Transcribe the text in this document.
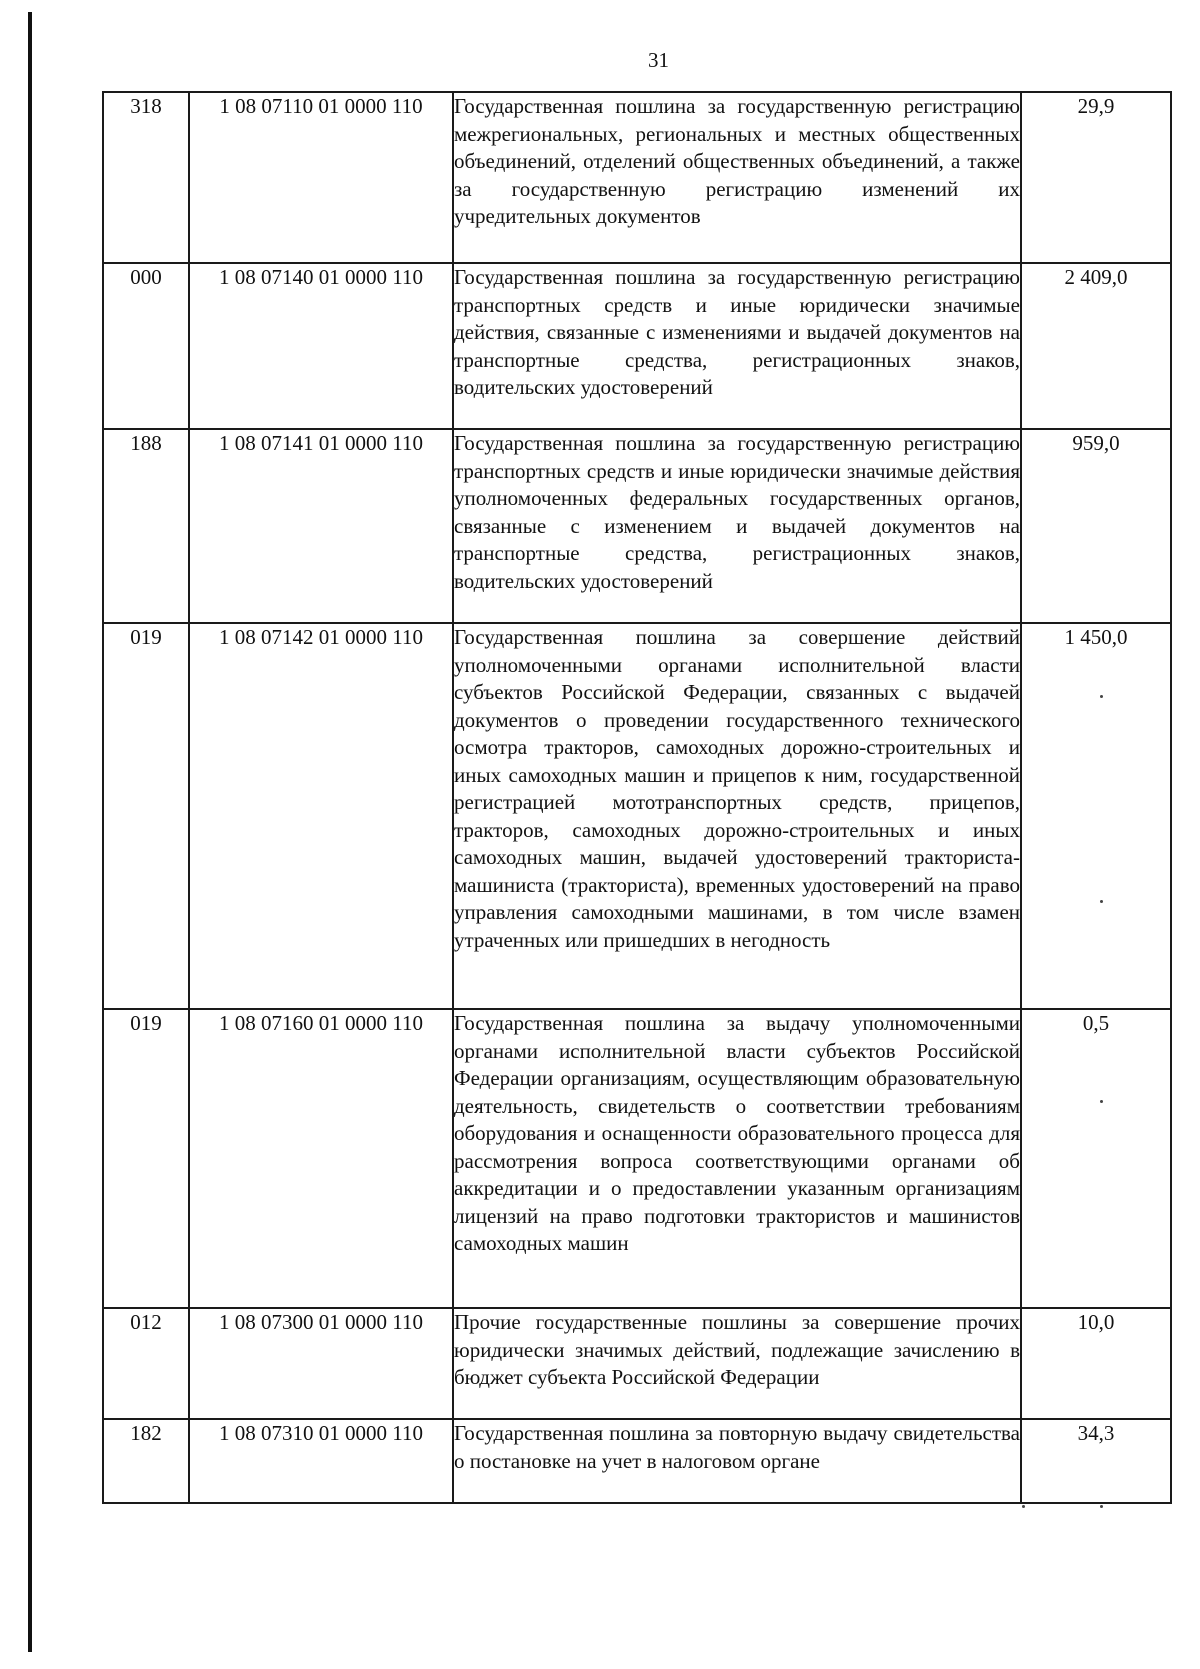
31
318	1 08 07110 01 0000 110	Государственная пошлина за государственную регистрацию межрегиональных, региональных и местных общественных объединений, отделений общественных объединений, а также за государственную регистрацию изменений их учредительных документов	29,9
000	1 08 07140 01 0000 110	Государственная пошлина за государственную регистрацию транспортных средств и иные юридически значимые действия, связанные с изменениями и выдачей документов на транспортные средства, регистрационных знаков, водительских удостоверений	2 409,0
188	1 08 07141 01 0000 110	Государственная пошлина за государственную регистрацию транспортных средств и иные юридически значимые действия уполномоченных федеральных государственных органов, связанные с изменением и выдачей документов на транспортные средства, регистрационных знаков, водительских удостоверений	959,0
019	1 08 07142 01 0000 110	Государственная пошлина за совершение действий уполномоченными органами исполнительной власти субъектов Российской Федерации, связанных с выдачей документов о проведении государственного технического осмотра тракторов, самоходных дорожно-строительных и иных самоходных машин и прицепов к ним, государственной регистрацией мототранспортных средств, прицепов, тракторов, самоходных дорожно-строительных и иных самоходных машин, выдачей удостоверений тракториста-машиниста (тракториста), временных удостоверений на право управления самоходными машинами, в том числе взамен утраченных или пришедших в негодность	1 450,0
019	1 08 07160 01 0000 110	Государственная пошлина за выдачу уполномоченными органами исполнительной власти субъектов Российской Федерации организациям, осуществляющим образовательную деятельность, свидетельств о соответствии требованиям оборудования и оснащенности образовательного процесса для рассмотрения вопроса соответствующими органами об аккредитации и о предоставлении указанным организациям лицензий на право подготовки трактористов и машинистов самоходных машин	0,5
012	1 08 07300 01 0000 110	Прочие государственные пошлины за совершение прочих юридически значимых действий, подлежащие зачислению в бюджет субъекта Российской Федерации	10,0
182	1 08 07310 01 0000 110	Государственная пошлина за повторную выдачу свидетельства о постановке на учет в налоговом органе	34,3
